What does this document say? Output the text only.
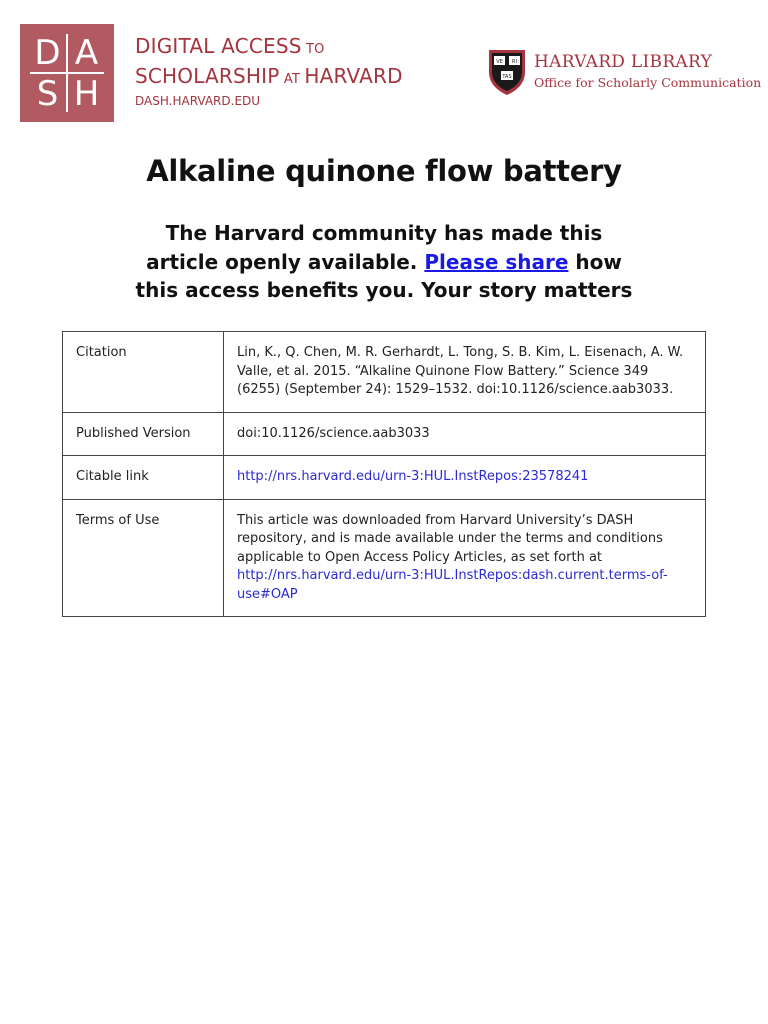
D A
S H
DIGITAL ACCESS TO
SCHOLARSHIP AT HARVARD
DASH.HARVARD.EDU
VE RI
TAS
HARVARD LIBRARY
Office for Scholarly Communication
Alkaline quinone flow battery
The Harvard community has made this
article openly available. Please share how
this access benefits you. Your story matters
Citation	Lin, K., Q. Chen, M. R. Gerhardt, L. Tong, S. B. Kim, L. Eisenach, A. W. Valle, et al. 2015. “Alkaline Quinone Flow Battery.” Science 349 (6255) (September 24): 1529–1532. doi:10.1126/science.aab3033.
Published Version	doi:10.1126/science.aab3033
Citable link	http://nrs.harvard.edu/urn-3:HUL.InstRepos:23578241
Terms of Use	This article was downloaded from Harvard University’s DASH repository, and is made available under the terms and conditions applicable to Open Access Policy Articles, as set forth at http://nrs.harvard.edu/urn-3:HUL.InstRepos:dash.current.terms-of-use#OAP
